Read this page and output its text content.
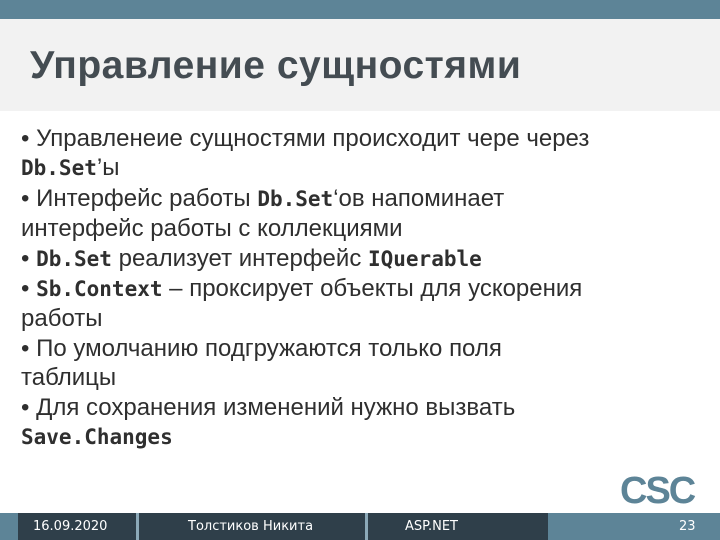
Управление сущностями
• Управленеие сущностями происходит чере через
Db.Set’ы
• Интерфейс работы Db.Set‘ов напоминает
интерфейс работы с коллекциями
• Db.Set реализует интерфейс IQuerable
• Sb.Context – проксирует объекты для ускорения
работы
• По умолчанию подгружаются только поля
таблицы
• Для сохранения изменений нужно вызвать
Save.Changes
CSC
16.09.2020	Толстиков Никита	ASP.NET	23
